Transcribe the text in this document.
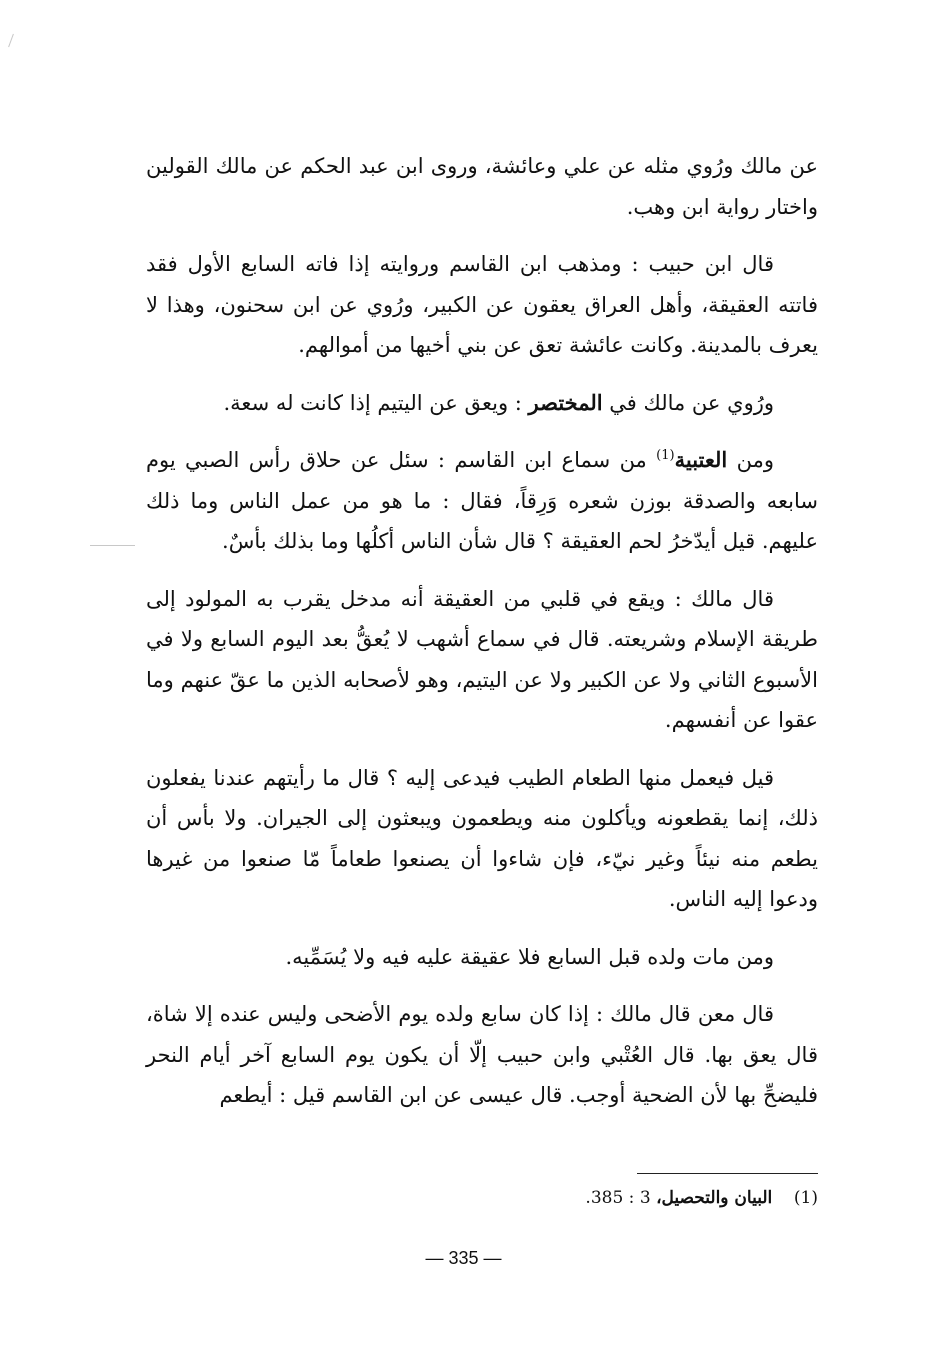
عن مالك ورُوي مثله عن علي وعائشة، وروى ابن عبد الحكم عن مالك القولين واختار رواية ابن وهب.

قال ابن حبيب : ومذهب ابن القاسم وروايته إذا فاته السابع الأول فقد فاتته العقيقة، وأهل العراق يعقون عن الكبير، ورُوي عن ابن سحنون، وهذا لا يعرف بالمدينة. وكانت عائشة تعق عن بني أخيها من أموالهم.

ورُوي عن مالك في المختصر : ويعق عن اليتيم إذا كانت له سعة.

ومن العتبية$^{(1)}$ من سماع ابن القاسم : سئل عن حلاق رأس الصبي يوم سابعه والصدقة بوزن شعره وَرِقاً، فقال : ما هو من عمل الناس وما ذلك عليهم. قيل أيدّخرُ لحم العقيقة ؟ قال شأن الناس أكلُها وما بذلك بأسٌ.

قال مالك : ويقع في قلبي من العقيقة أنه مدخل يقرب به المولود إلى طريقة الإسلام وشريعته. قال في سماع أشهب لا يُعقُّ بعد اليوم السابع ولا في الأسبوع الثاني ولا عن الكبير ولا عن اليتيم، وهو لأصحابه الذين ما عقّ عنهم وما عقوا عن أنفسهم.

قيل فيعمل منها الطعام الطيب فيدعى إليه ؟ قال ما رأيتهم عندنا يفعلون ذلك، إنما يقطعونه ويأكلون منه ويطعمون ويبعثون إلى الجيران. ولا بأس أن يطعم منه نيئاً وغير نيّء، فإن شاءوا أن يصنعوا طعاماً مّا صنعوا من غيرها ودعوا إليه الناس.

ومن مات ولده قبل السابع فلا عقيقة عليه فيه ولا يُسَمِّيه.

قال معن قال مالك : إذا كان سابع ولده يوم الأضحى وليس عنده إلا شاة، قال يعق بها. قال العُتْبي وابن حبيب إلّا أن يكون يوم السابع آخر أيام النحر فليضحِّ بها لأن الضحية أوجب. قال عيسى عن ابن القاسم قيل : أيطعم

(1)    البيان والتحصيل، 3 : 385.
— 335 —
